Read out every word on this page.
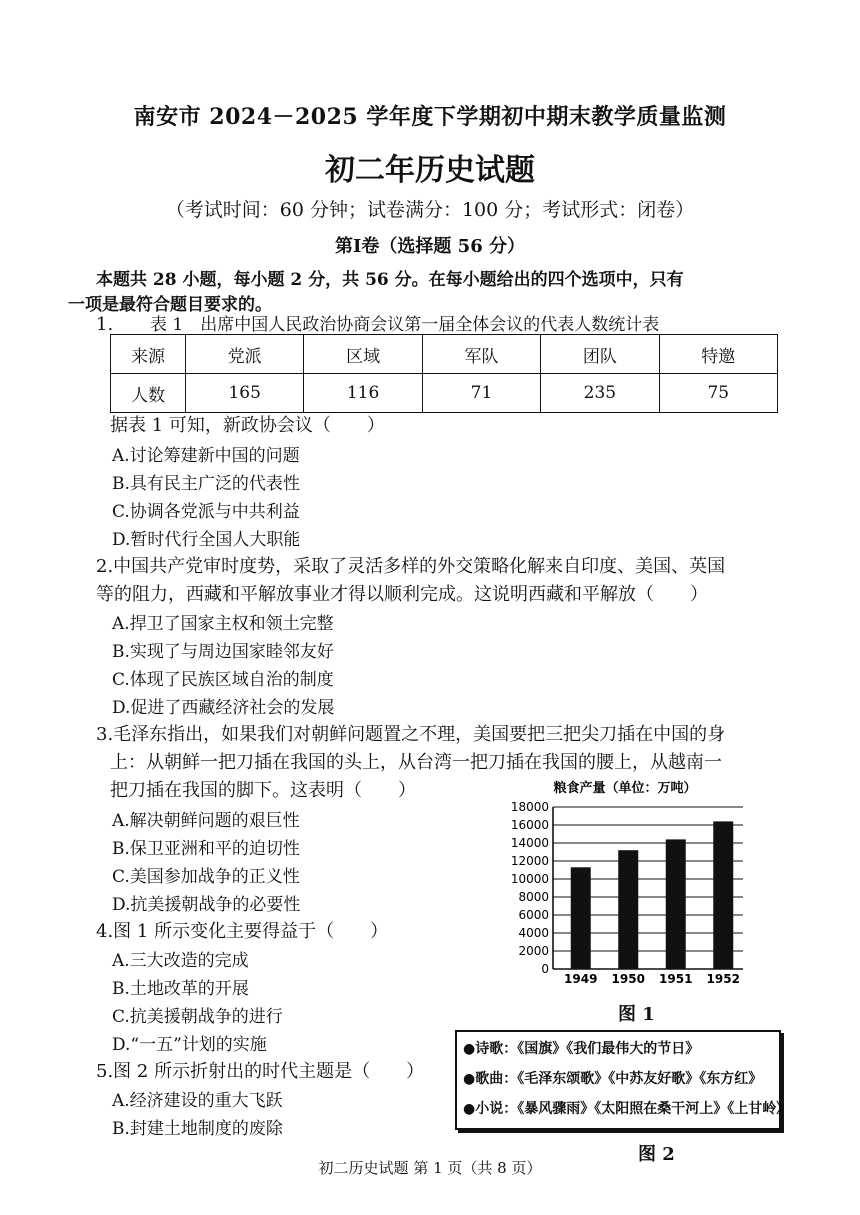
南安市 2024－2025 学年度下学期初中期末教学质量监测
初二年历史试题
（考试时间：60 分钟；试卷满分：100 分；考试形式：闭卷）
第Ⅰ卷（选择题 56 分）
本题共 28 小题，每小题 2 分，共 56 分。在每小题给出的四个选项中，只有
一项是最符合题目要求的。
1. 表 1　出席中国人民政治协商会议第一届全体会议的代表人数统计表
来源	党派	区域	军队	团队	特邀
人数	165	116	71	235	75
据表 1 可知，新政协会议（　　）
A.讨论筹建新中国的问题
B.具有民主广泛的代表性
C.协调各党派与中共利益
D.暂时代行全国人大职能
2.中国共产党审时度势，采取了灵活多样的外交策略化解来自印度、美国、英国
等的阻力，西藏和平解放事业才得以顺利完成。这说明西藏和平解放（　　）
A.捍卫了国家主权和领土完整
B.实现了与周边国家睦邻友好
C.体现了民族区域自治的制度
D.促进了西藏经济社会的发展
3.毛泽东指出，如果我们对朝鲜问题置之不理，美国要把三把尖刀插在中国的身
上：从朝鲜一把刀插在我国的头上，从台湾一把刀插在我国的腰上，从越南一
把刀插在我国的脚下。这表明（　　）
A.解决朝鲜问题的艰巨性
B.保卫亚洲和平的迫切性
C.美国参加战争的正义性
D.抗美援朝战争的必要性
4.图 1 所示变化主要得益于（　　）
A.三大改造的完成
B.土地改革的开展
C.抗美援朝战争的进行
D.“一五”计划的实施
5.图 2 所示折射出的时代主题是（　　）
A.经济建设的重大飞跃
B.封建土地制度的废除
粮食产量（单位：万吨）
0
2000
4000
6000
8000
10000
12000
14000
16000
18000
1949 1950 1951 1952
图 1
●诗歌：《国旗》《我们最伟大的节日》
●歌曲：《毛泽东颂歌》《中苏友好歌》《东方红》
●小说：《暴风骤雨》《太阳照在桑干河上》《上甘岭》
图 2
初二历史试题 第 1 页（共 8 页）
